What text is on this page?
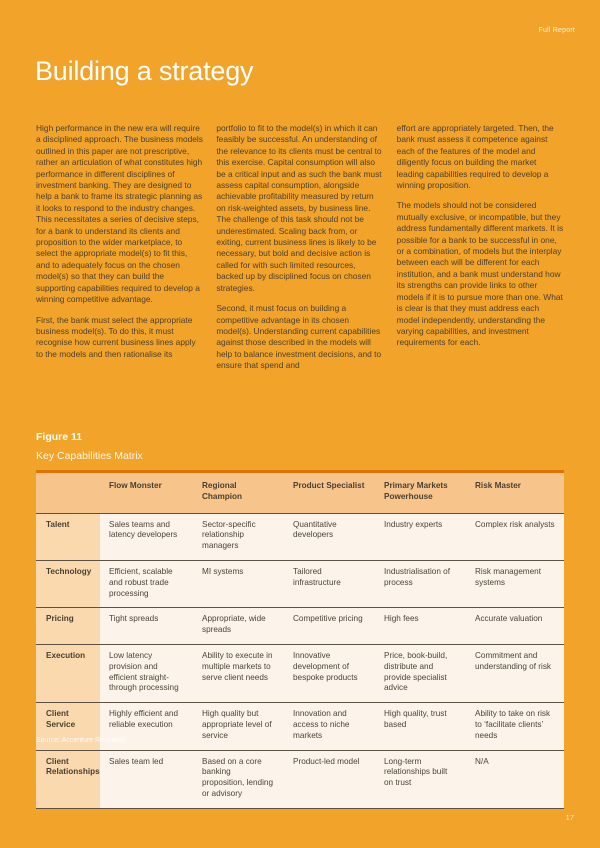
Full Report
Building a strategy

High performance in the new era will require a disciplined approach. The business models outlined in this paper are not prescriptive, rather an articulation of what constitutes high performance in different disciplines of investment banking. They are designed to help a bank to frame its strategic planning as it looks to respond to the industry changes. This necessitates a series of decisive steps, for a bank to understand its clients and proposition to the wider marketplace, to select the appropriate model(s) to fit this, and to adequately focus on the chosen model(s) so that they can build the supporting capabilities required to develop a winning competitive advantage.

First, the bank must select the appropriate business model(s). To do this, it must recognise how current business lines apply to the models and then rationalise its

portfolio to fit to the model(s) in which it can feasibly be successful. An understanding of the relevance to its clients must be central to this exercise. Capital consumption will also be a critical input and as such the bank must assess capital consumption, alongside achievable profitability measured by return on risk-weighted assets, by business line. The challenge of this task should not be underestimated. Scaling back from, or exiting, current business lines is likely to be necessary, but bold and decisive action is called for with such limited resources, backed up by disciplined focus on chosen strategies.

Second, it must focus on building a competitive advantage in its chosen model(s). Understanding current capabilities against those described in the models will help to balance investment decisions, and to ensure that spend and

effort are appropriately targeted. Then, the bank must assess it competence against each of the features of the model and diligently focus on building the market leading capabilities required to develop a winning proposition.

The models should not be considered mutually exclusive, or incompatible, but they address fundamentally different markets. It is possible for a bank to be successful in one, or a combination, of models but the interplay between each will be different for each institution, and a bank must understand how its strengths can provide links to other models if it is to pursue more than one. What is clear is that they must address each model independently, understanding the varying capabilities, and investment requirements for each.

Figure 11
Key Capabilities Matrix
	Flow Monster	Regional Champion	Product Specialist	Primary Markets Powerhouse	Risk Master
Talent	Sales teams and latency developers	Sector-specific relationship managers	Quantitative developers	Industry experts	Complex risk analysts
Technology	Efficient, scalable and robust trade processing	MI systems	Tailored infrastructure	Industrialisation of process	Risk management systems
Pricing	Tight spreads	Appropriate, wide spreads	Competitive pricing	High fees	Accurate valuation
Execution	Low latency provision and efficient straight-through processing	Ability to execute in multiple markets to serve client needs	Innovative development of bespoke products	Price, book-build, distribute and provide specialist advice	Commitment and understanding of risk
Client Service	Highly efficient and reliable execution	High quality but appropriate level of service	Innovation and access to niche markets	High quality, trust based	Ability to take on risk to ‘facilitate clients’ needs
Client Relationships	Sales team led	Based on a core banking proposition, lending or advisory	Product-led model	Long-term relationships built on trust	N/A
Source: Accenture Research
17
